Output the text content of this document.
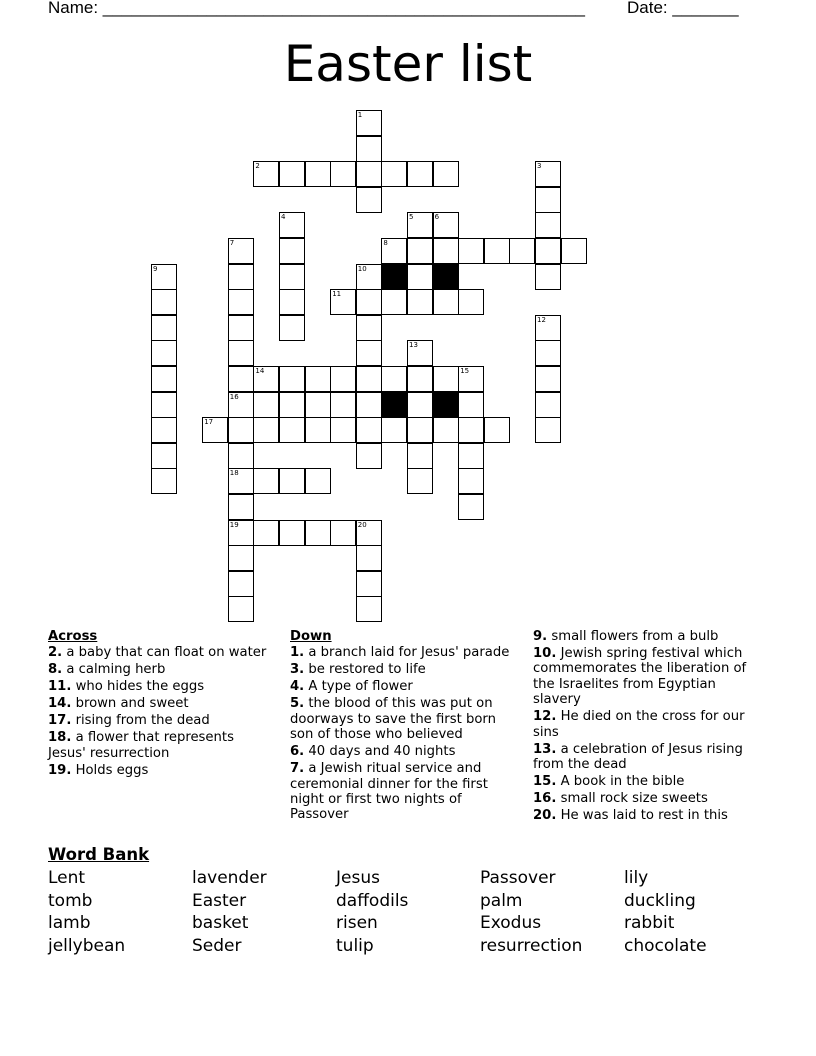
Name: ___________________________________________________ Date: _______
Easter list
1
2	3
4	5	6
7
16
18
19
8
9	10
11
12
13
14	15
17
20
Across
2. a baby that can float on water
8. a calming herb
11. who hides the eggs
14. brown and sweet
17. rising from the dead
18. a flower that represents Jesus' resurrection
19. Holds eggs
Down
1. a branch laid for Jesus' parade
3. be restored to life
4. A type of flower
5. the blood of this was put on doorways to save the first born son of those who believed
6. 40 days and 40 nights
7. a Jewish ritual service and ceremonial dinner for the first night or first two nights of Passover
9. small flowers from a bulb
10. Jewish spring festival which commemorates the liberation of the Israelites from Egyptian slavery
12. He died on the cross for our sins
13. a celebration of Jesus rising from the dead
15. A book in the bible
16. small rock size sweets
20. He was laid to rest in this
Word Bank
Lent	lavender	Jesus	Passover	lily
tomb	Easter	daffodils	palm	duckling
lamb	basket	risen	Exodus	rabbit
jellybean	Seder	tulip	resurrection	chocolate
